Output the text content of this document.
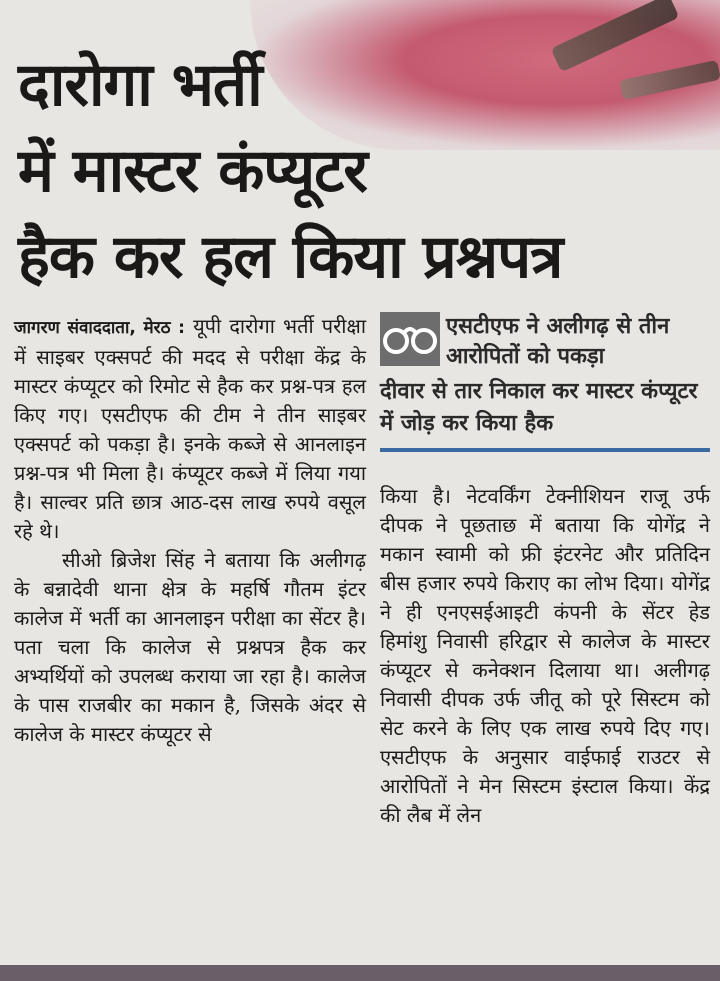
दारोगा भर्ती
में मास्टर कंप्यूटर
हैक कर हल किया प्रश्नपत्र

जागरण संवाददाता, मेरठ : यूपी दारोगा भर्ती परीक्षा में साइबर एक्सपर्ट की मदद से परीक्षा केंद्र के मास्टर कंप्यूटर को रिमोट से हैक कर प्रश्न-पत्र हल किए गए। एसटीएफ की टीम ने तीन साइबर एक्सपर्ट को पकड़ा है। इनके कब्जे से आनलाइन प्रश्न-पत्र भी मिला है। कंप्यूटर कब्जे में लिया गया है। साल्वर प्रति छात्र आठ-दस लाख रुपये वसूल रहे थे।

सीओ ब्रिजेश सिंह ने बताया कि अलीगढ़ के बन्नादेवी थाना क्षेत्र के महर्षि गौतम इंटर कालेज में भर्ती का आनलाइन परीक्षा का सेंटर है। पता चला कि कालेज से प्रश्नपत्र हैक कर अभ्यर्थियों को उपलब्ध कराया जा रहा है। कालेज के पास राजबीर का मकान है, जिसके अंदर से कालेज के मास्टर कंप्यूटर से

एसटीएफ ने अलीगढ़ से तीन आरोपितों को पकड़ा
दीवार से तार निकाल कर मास्टर कंप्यूटर में जोड़ कर किया हैक

किया है। नेटवर्किंग टेक्नीशियन राजू उर्फ दीपक ने पूछताछ में बताया कि योगेंद्र ने मकान स्वामी को फ्री इंटरनेट और प्रतिदिन बीस हजार रुपये किराए का लोभ दिया। योगेंद्र ने ही एनएसईआइटी कंपनी के सेंटर हेड हिमांशु निवासी हरिद्वार से कालेज के मास्टर कंप्यूटर से कनेक्शन दिलाया था। अलीगढ़ निवासी दीपक उर्फ जीतू को पूरे सिस्टम को सेट करने के लिए एक लाख रुपये दिए गए। एसटीएफ के अनुसार वाईफाई राउटर से आरोपितों ने मेन सिस्टम इंस्टाल किया। केंद्र की लैब में लेन
